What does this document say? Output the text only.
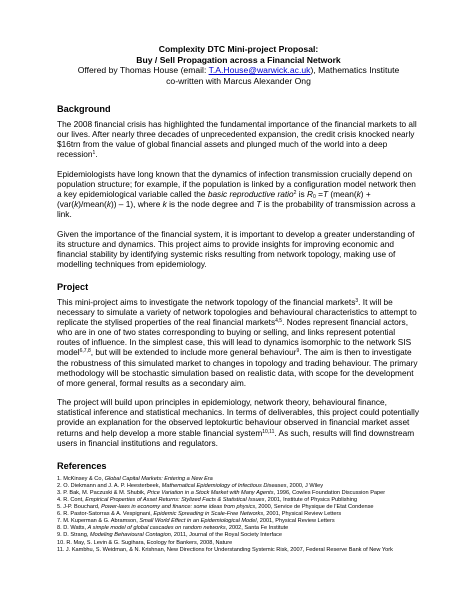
Complexity DTC Mini-project Proposal:
Buy / Sell Propagation across a Financial Network
Offered by Thomas House (email: T.A.House@warwick.ac.uk), Mathematics Institute
co-written with Marcus Alexander Ong
Background

The 2008 financial crisis has highlighted the fundamental importance of the financial markets to all our lives. After nearly three decades of unprecedented expansion, the credit crisis knocked nearly $16trn from the value of global financial assets and plunged much of the world into a deep recession$^1$.

Epidemiologists have long known that the dynamics of infection transmission crucially depend on population structure; for example, if the population is linked by a configuration model network then a key epidemiological variable called the basic reproductive ratio$^2$ is $R_0 =T$ (mean(k) + (var(k)/mean(k)) – 1), where k is the node degree and T is the probability of transmission across a link.

Given the importance of the financial system, it is important to develop a greater understanding of its structure and dynamics. This project aims to provide insights for improving economic and financial stability by identifying systemic risks resulting from network topology, making use of modelling techniques from epidemiology.

Project

This mini-project aims to investigate the network topology of the financial markets$^3$. It will be necessary to simulate a variety of network topologies and behavioural characteristics to attempt to replicate the stylised properties of the real financial markets$^{4,5}$. Nodes represent financial actors, who are in one of two states corresponding to buying or selling, and links represent potential routes of influence. In the simplest case, this will lead to dynamics isomorphic to the network SIS model$^{6,7,8}$, but will be extended to include more general behaviour$^9$. The aim is then to investigate the robustness of this simulated market to changes in topology and trading behaviour. The primary methodology will be stochastic simulation based on realistic data, with scope for the development of more general, formal results as a secondary aim.

The project will build upon principles in epidemiology, network theory, behavioural finance, statistical inference and statistical mechanics. In terms of deliverables, this project could potentially provide an explanation for the observed leptokurtic behaviour observed in financial market asset returns and help develop a more stable financial system$^{10,11}$. As such, results will find downstream users in financial institutions and regulators.

References
1. McKinsey & Co, Global Capital Markets: Entering a New Era
2. O. Diekmann and J. A. P. Heesterbeek, Mathematical Epidemiology of Infectious Diseases, 2000, J Wiley
3. P. Bak, M. Paczuski & M. Shubik, Price Variation in a Stock Market with Many Agents, 1996, Cowles Foundation Discussion Paper
4. R. Cont, Empirical Properties of Asset Returns: Stylized Facts & Statistical Issues, 2001, Institute of Physics Publishing
5. J-P. Bouchard, Power-laws in economy and finance: some ideas from physics, 2000, Service de Physique de l'Etat Condense
6. R. Pastor-Satorras & A. Vespignani, Epidemic Spreading in Scale-Free Networks, 2001, Physical Review Letters
7. M. Kuperman & G. Abramson, Small World Effect in an Epidemiological Model, 2001, Physical Review Letters
8. D. Watts, A simple model of global cascades on random networks, 2002, Santa Fe Institute
9. D. Strang, Modeling Behavioural Contagion, 2011, Journal of the Royal Society Interface
10. R. May, S. Levin & G. Sugihara, Ecology for Bankers, 2008, Nature
11. J. Kambhu, S. Weidman, & N. Krishnan, New Directions for Understanding Systemic Risk, 2007, Federal Reserve Bank of New York
